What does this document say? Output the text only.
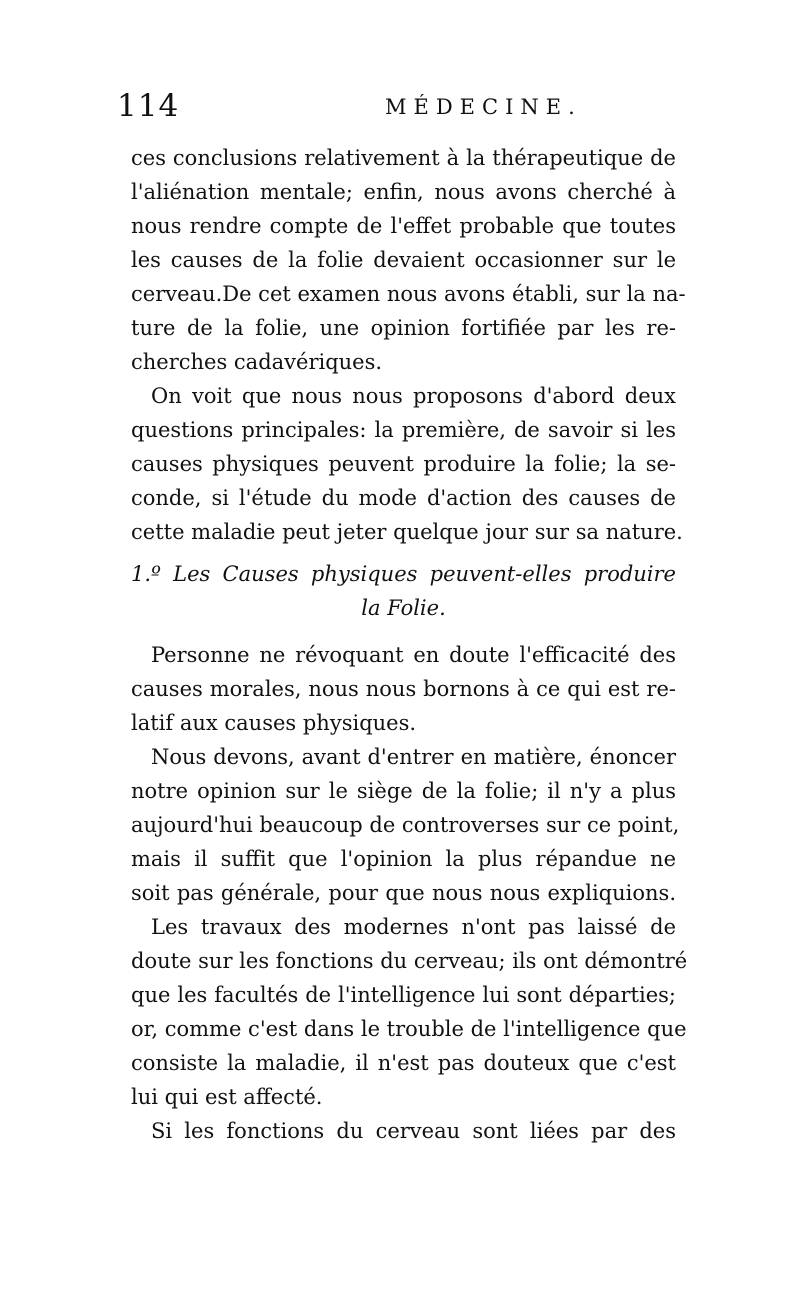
114	MÉDECINE.
ces conclusions relativement à la thérapeutique de
l'aliénation mentale; enfin, nous avons cherché à
nous rendre compte de l'effet probable que toutes
les causes de la folie devaient occasionner sur le
cerveau.De cet examen nous avons établi, sur la na-
ture de la folie, une opinion fortifiée par les re-
cherches cadavériques.
On voit que nous nous proposons d'abord deux
questions principales: la première, de savoir si les
causes physiques peuvent produire la folie; la se-
conde, si l'étude du mode d'action des causes de
cette maladie peut jeter quelque jour sur sa nature.
1.º Les Causes physiques peuvent-elles produire
la Folie.
Personne ne révoquant en doute l'efficacité des
causes morales, nous nous bornons à ce qui est re-
latif aux causes physiques.
Nous devons, avant d'entrer en matière, énoncer
notre opinion sur le siège de la folie; il n'y a plus
aujourd'hui beaucoup de controverses sur ce point,
mais il suffit que l'opinion la plus répandue ne
soit pas générale, pour que nous nous expliquions.
Les travaux des modernes n'ont pas laissé de
doute sur les fonctions du cerveau; ils ont démontré
que les facultés de l'intelligence lui sont départies;
or, comme c'est dans le trouble de l'intelligence que
consiste la maladie, il n'est pas douteux que c'est
lui qui est affecté.
Si les fonctions du cerveau sont liées par des
